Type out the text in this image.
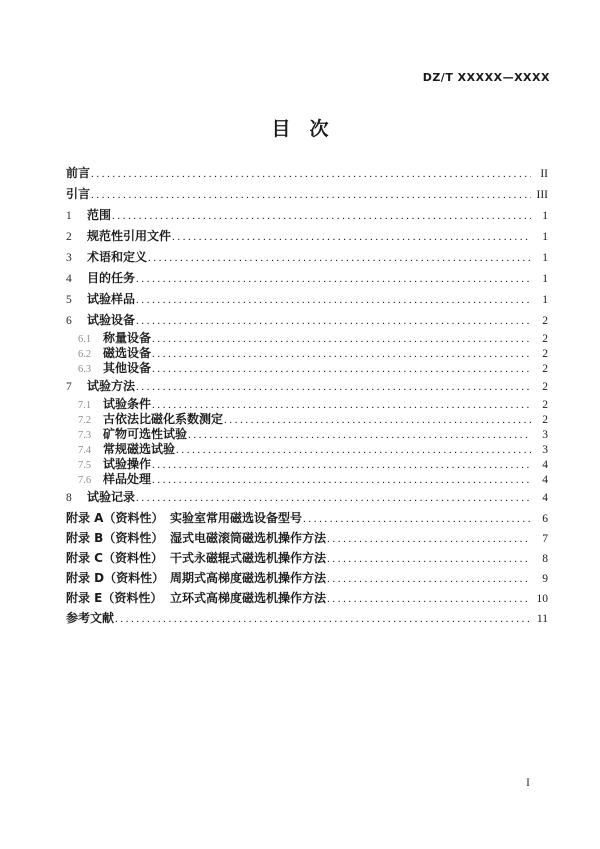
DZ/T XXXXX—XXXX
目　次
前言 .....	II
引言 .....	III
1	范围 .....	1
2	规范性引用文件 .....	1
3	术语和定义 .....	1
4	目的任务 .....	1
5	试验样品 .....	1
6	试验设备 .....	2
6.1 称量设备 .....	2
6.2 磁选设备 .....	2
6.3 其他设备 .....	2
7	试验方法 .....	2
7.1 试验条件 .....	2
7.2 古依法比磁化系数测定 .....	2
7.3 矿物可选性试验 .....	3
7.4 常规磁选试验 .....	3
7.5 试验操作 .....	4
7.6 样品处理 .....	4
8	试验记录 .....	4
附录 A（资料性） 实验室常用磁选设备型号 .....	6
附录 B（资料性） 湿式电磁滚筒磁选机操作方法 .....	7
附录 C（资料性） 干式永磁辊式磁选机操作方法 .....	8
附录 D（资料性） 周期式高梯度磁选机操作方法 .....	9
附录 E（资料性） 立环式高梯度磁选机操作方法 .....	10
参考文献 .....	11
I
